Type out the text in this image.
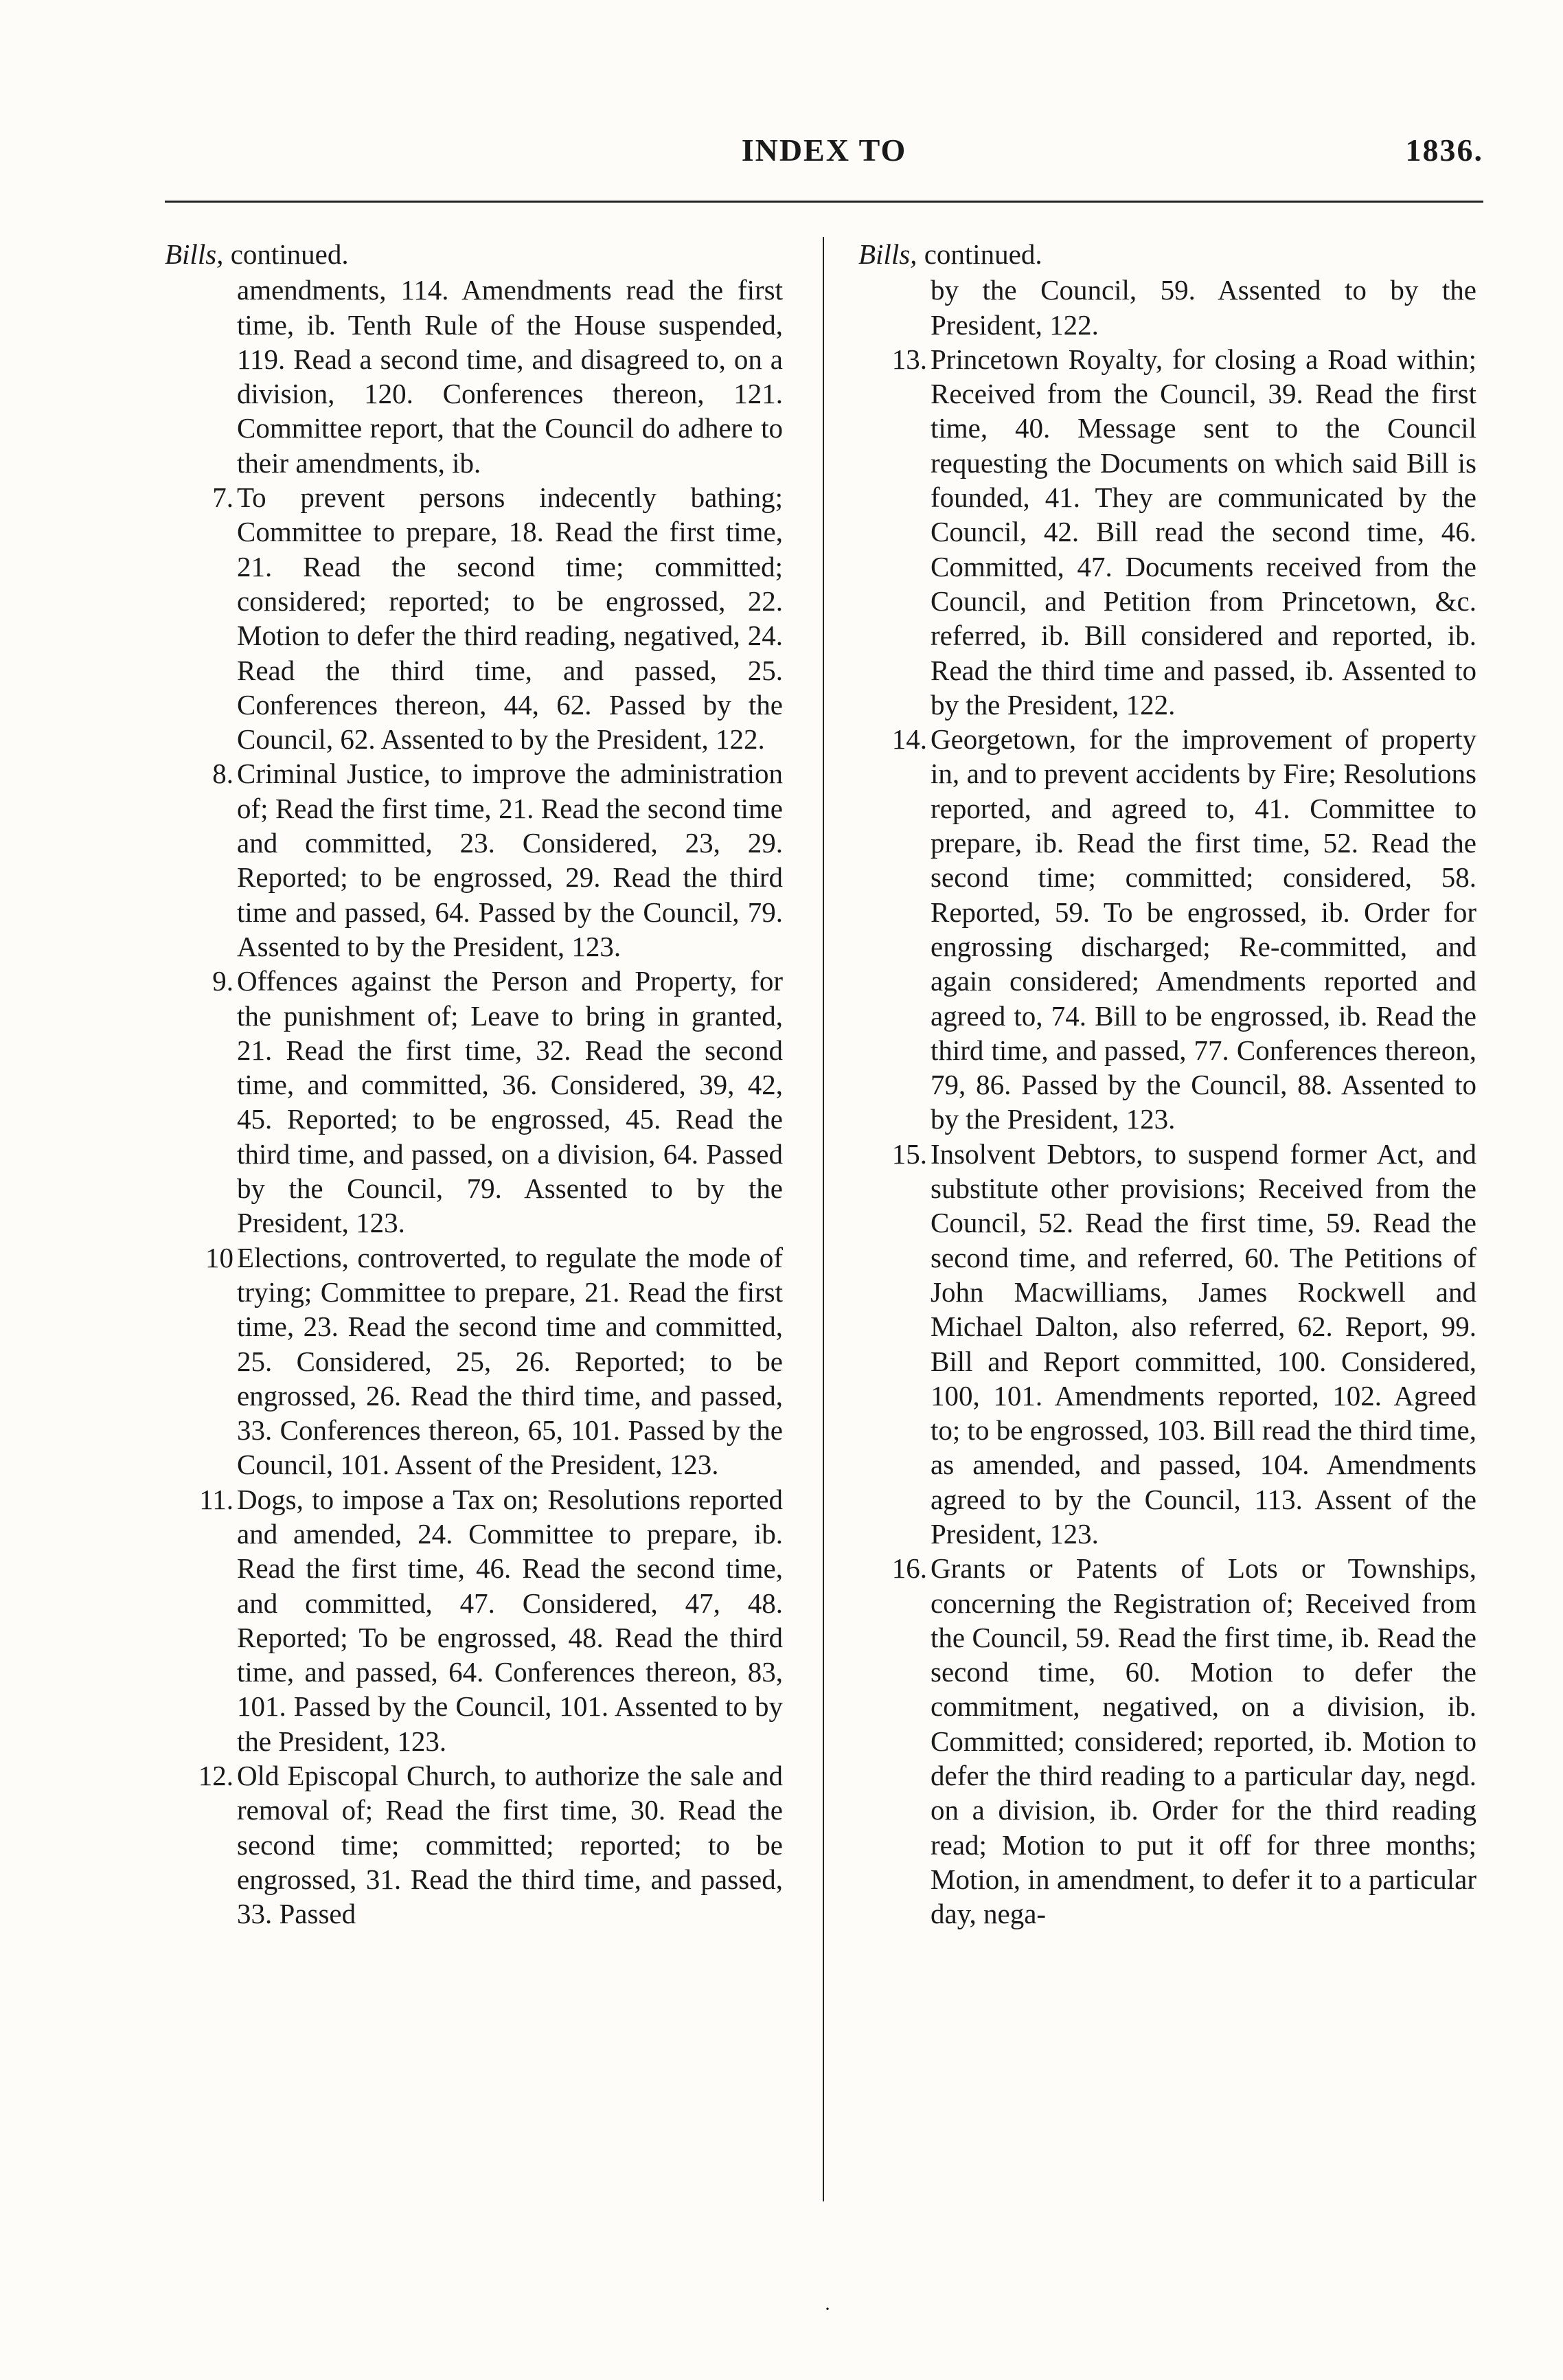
INDEX TO	1836.

Bills, continued.

amendments, 114. Amendments read the first time, ib. Tenth Rule of the House suspended, 119. Read a second time, and disagreed to, on a division, 120. Conferences thereon, 121. Committee report, that the Council do adhere to their amendments, ib.

7. To prevent persons indecently bathing; Committee to prepare, 18. Read the first time, 21. Read the second time; committed; considered; reported; to be engrossed, 22. Motion to defer the third reading, negatived, 24. Read the third time, and passed, 25. Conferences thereon, 44, 62. Passed by the Council, 62. Assented to by the President, 122.

8. Criminal Justice, to improve the administration of; Read the first time, 21. Read the second time and committed, 23. Considered, 23, 29. Reported; to be engrossed, 29. Read the third time and passed, 64. Passed by the Council, 79. Assented to by the President, 123.

9. Offences against the Person and Property, for the punishment of; Leave to bring in granted, 21. Read the first time, 32. Read the second time, and committed, 36. Considered, 39, 42, 45. Reported; to be engrossed, 45. Read the third time, and passed, on a division, 64. Passed by the Council, 79. Assented to by the President, 123.

10 Elections, controverted, to regulate the mode of trying; Committee to prepare, 21. Read the first time, 23. Read the second time and committed, 25. Considered, 25, 26. Reported; to be engrossed, 26. Read the third time, and passed, 33. Conferences thereon, 65, 101. Passed by the Council, 101. Assent of the President, 123.

11. Dogs, to impose a Tax on; Resolutions reported and amended, 24. Committee to prepare, ib. Read the first time, 46. Read the second time, and committed, 47. Considered, 47, 48. Reported; To be engrossed, 48. Read the third time, and passed, 64. Conferences thereon, 83, 101. Passed by the Council, 101. Assented to by the President, 123.

12. Old Episcopal Church, to authorize the sale and removal of; Read the first time, 30. Read the second time; committed; reported; to be engrossed, 31. Read the third time, and passed, 33. Passed

Bills, continued.

by the Council, 59. Assented to by the President, 122.

13. Princetown Royalty, for closing a Road within; Received from the Council, 39. Read the first time, 40. Message sent to the Council requesting the Documents on which said Bill is founded, 41. They are communicated by the Council, 42. Bill read the second time, 46. Committed, 47. Documents received from the Council, and Petition from Princetown, &c. referred, ib. Bill considered and reported, ib. Read the third time and passed, ib. Assented to by the President, 122.

14. Georgetown, for the improvement of property in, and to prevent accidents by Fire; Resolutions reported, and agreed to, 41. Committee to prepare, ib. Read the first time, 52. Read the second time; committed; considered, 58. Reported, 59. To be engrossed, ib. Order for engrossing discharged; Re-committed, and again considered; Amendments reported and agreed to, 74. Bill to be engrossed, ib. Read the third time, and passed, 77. Conferences thereon, 79, 86. Passed by the Council, 88. Assented to by the President, 123.

15. Insolvent Debtors, to suspend former Act, and substitute other provisions; Received from the Council, 52. Read the first time, 59. Read the second time, and referred, 60. The Petitions of John Macwilliams, James Rockwell and Michael Dalton, also referred, 62. Report, 99. Bill and Report committed, 100. Considered, 100, 101. Amendments reported, 102. Agreed to; to be engrossed, 103. Bill read the third time, as amended, and passed, 104. Amendments agreed to by the Council, 113. Assent of the President, 123.

16. Grants or Patents of Lots or Townships, concerning the Registration of; Received from the Council, 59. Read the first time, ib. Read the second time, 60. Motion to defer the commitment, negatived, on a division, ib. Committed; considered; reported, ib. Motion to defer the third reading to a particular day, negd. on a division, ib. Order for the third reading read; Motion to put it off for three months; Motion, in amendment, to defer it to a particular day, nega-

·
